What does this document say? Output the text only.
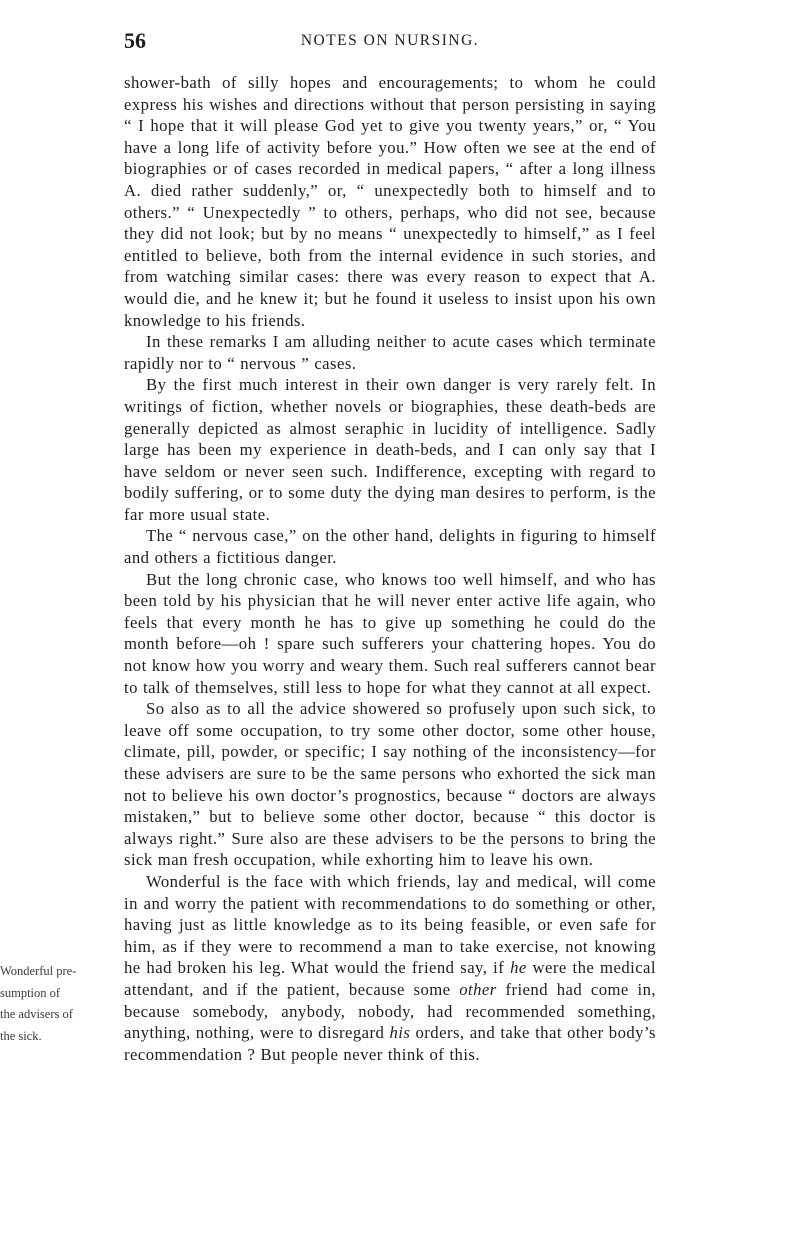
56	NOTES ON NURSING.

shower-bath of silly hopes and encouragements; to whom he could express his wishes and directions without that person persisting in saying “ I hope that it will please God yet to give you twenty years,” or, “ You have a long life of activity before you.” How often we see at the end of biographies or of cases recorded in medical papers, “ after a long illness A. died rather suddenly,” or, “ unexpectedly both to himself and to others.” “ Unexpectedly ” to others, perhaps, who did not see, because they did not look; but by no means “ unexpectedly to himself,” as I feel entitled to believe, both from the internal evidence in such stories, and from watching similar cases: there was every reason to expect that A. would die, and he knew it; but he found it useless to insist upon his own knowledge to his friends.

In these remarks I am alluding neither to acute cases which terminate rapidly nor to “ nervous ” cases.

By the first much interest in their own danger is very rarely felt. In writings of fiction, whether novels or biographies, these death-beds are generally depicted as almost seraphic in lucidity of intelligence. Sadly large has been my experience in death-beds, and I can only say that I have seldom or never seen such. Indifference, excepting with regard to bodily suffering, or to some duty the dying man desires to perform, is the far more usual state.

The “ nervous case,” on the other hand, delights in figuring to himself and others a fictitious danger.

But the long chronic case, who knows too well himself, and who has been told by his physician that he will never enter active life again, who feels that every month he has to give up something he could do the month before—oh ! spare such sufferers your chattering hopes. You do not know how you worry and weary them. Such real sufferers cannot bear to talk of themselves, still less to hope for what they cannot at all expect.

So also as to all the advice showered so profusely upon such sick, to leave off some occupation, to try some other doctor, some other house, climate, pill, powder, or specific; I say nothing of the inconsistency—for these advisers are sure to be the same persons who exhorted the sick man not to believe his own doctor’s prognostics, because “ doctors are always mistaken,” but to believe some other doctor, because “ this doctor is always right.” Sure also are these advisers to be the persons to bring the sick man fresh occupation, while exhorting him to leave his own.

Wonderful is the face with which friends, lay and medical, will come in and worry the patient with recommendations to do something or other, having just as little knowledge as to its being feasible, or even safe for him, as if they were to recommend a man to take exercise, not knowing he had broken his leg. What would the friend say, if he were the medical attendant, and if the patient, because some other friend had come in, because somebody, anybody, nobody, had recommended something, anything, nothing, were to disregard his orders, and take that other body’s recommendation ? But people never think of this.

Wonderful pre-
sumption of
the advisers of
the sick.
